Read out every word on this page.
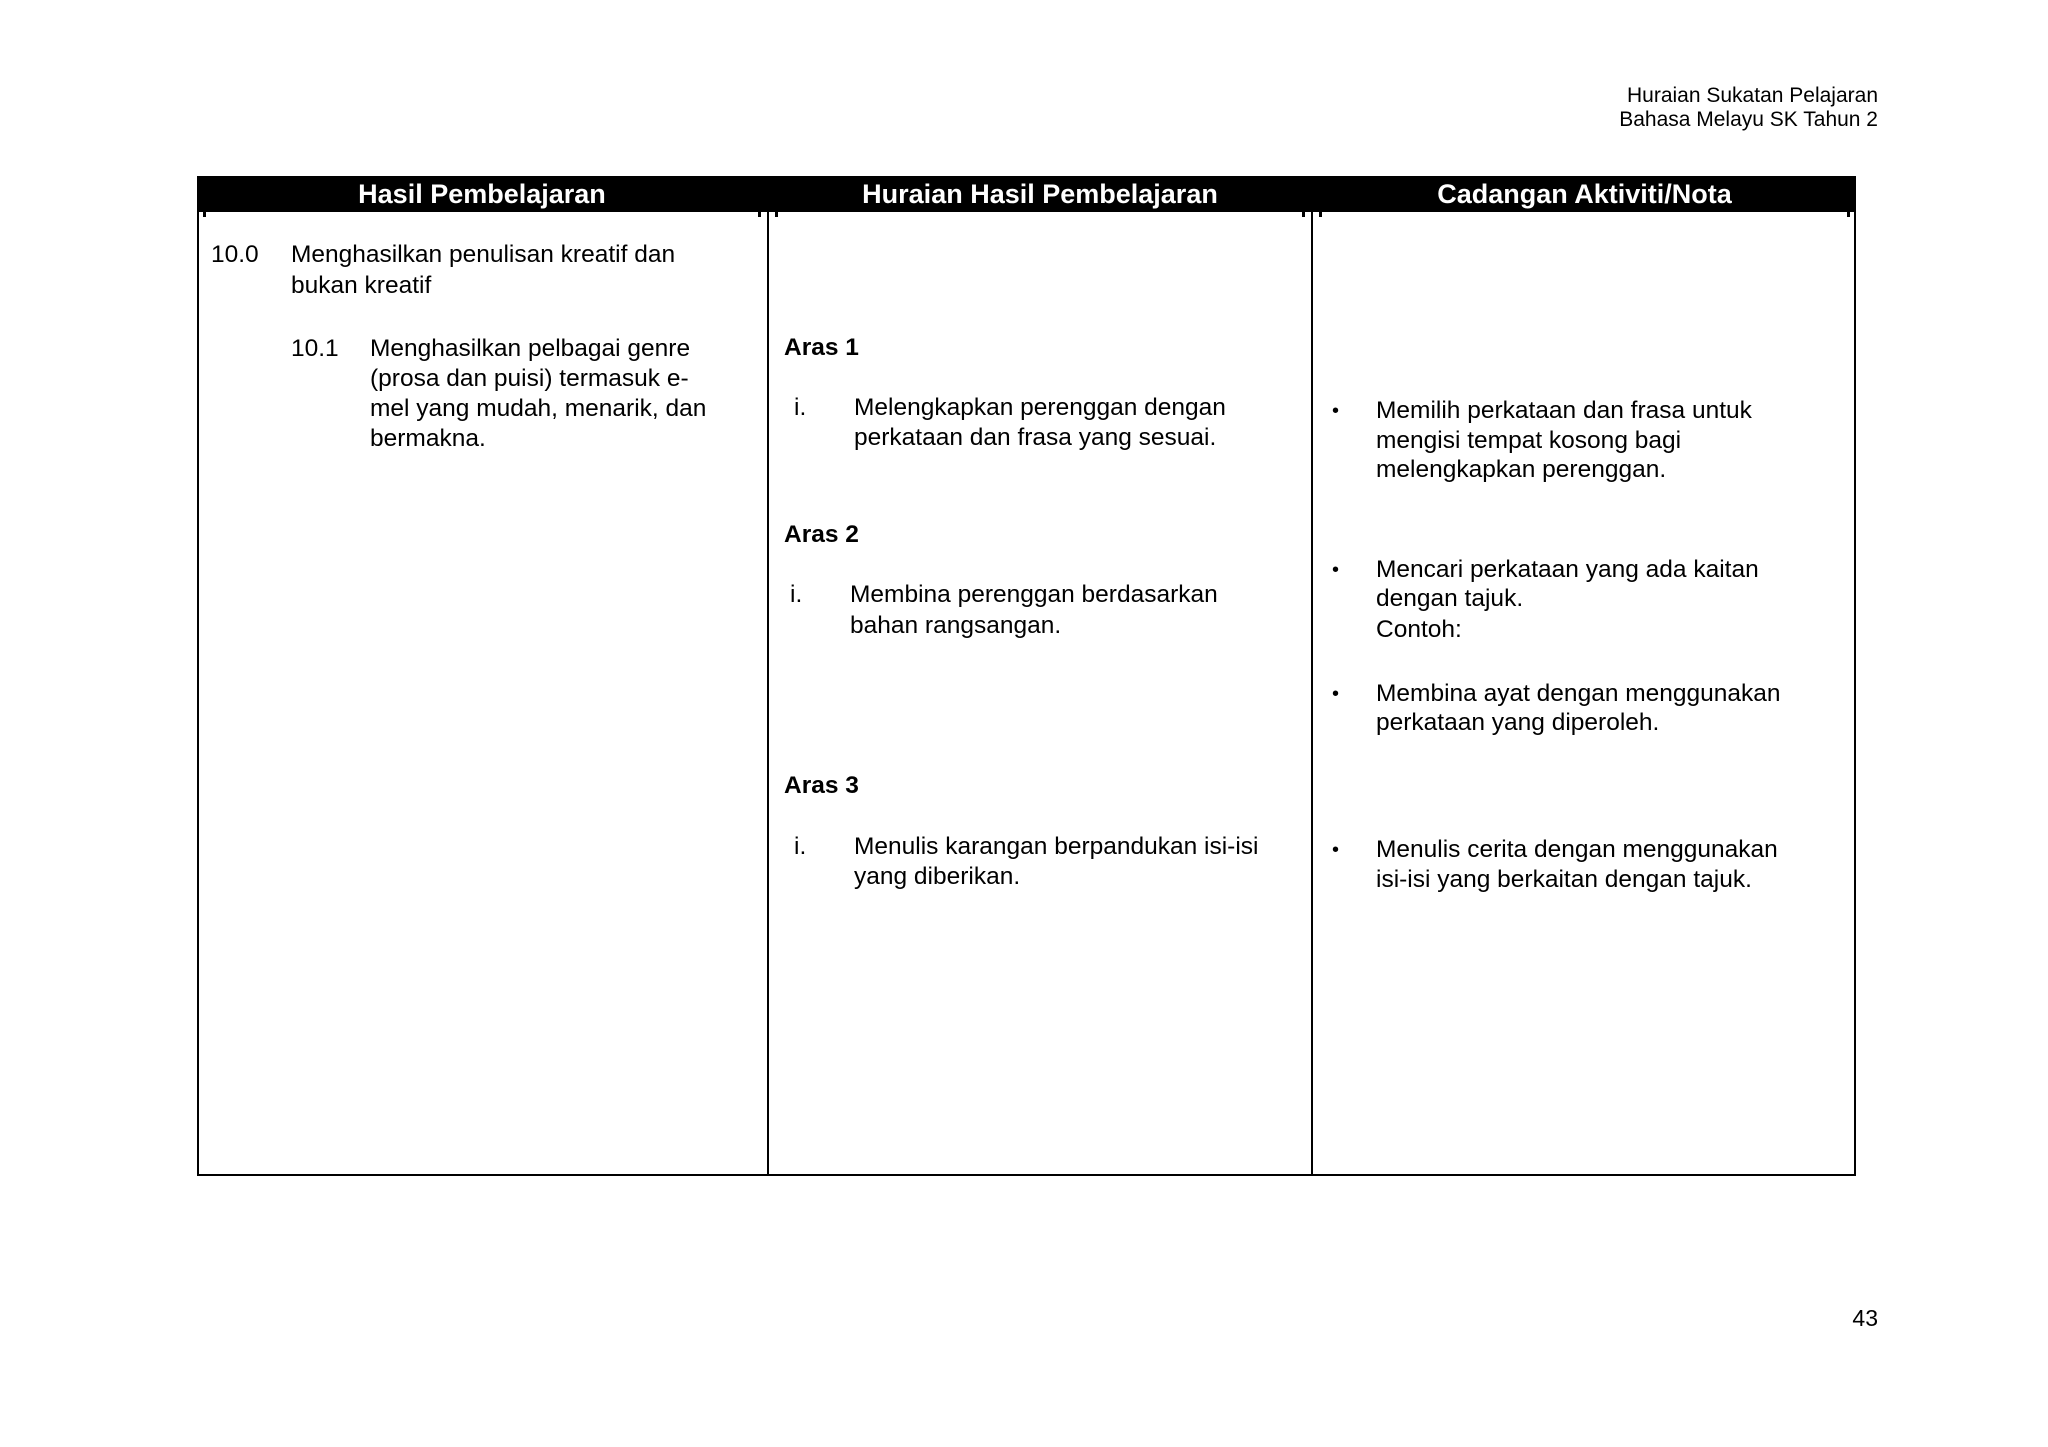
Huraian Sukatan Pelajaran
Bahasa Melayu SK Tahun 2
Hasil Pembelajaran	Huraian Hasil Pembelajaran	Cadangan Aktiviti/Nota
10.0 Menghasilkan penulisan kreatif dan
bukan kreatif
10.1 Menghasilkan pelbagai genre
(prosa dan puisi) termasuk e-
mel yang mudah, menarik, dan
bermakna.
Aras 1
i. Melengkapkan perenggan dengan
perkataan dan frasa yang sesuai.
Aras 2
i. Membina perenggan berdasarkan
bahan rangsangan.
Aras 3
i. Menulis karangan berpandukan isi-isi
yang diberikan.
• Memilih perkataan dan frasa untuk
mengisi tempat kosong bagi
melengkapkan perenggan.
• Mencari perkataan yang ada kaitan
dengan tajuk.
Contoh:
• Membina ayat dengan menggunakan
perkataan yang diperoleh.
• Menulis cerita dengan menggunakan
isi-isi yang berkaitan dengan tajuk.
43
